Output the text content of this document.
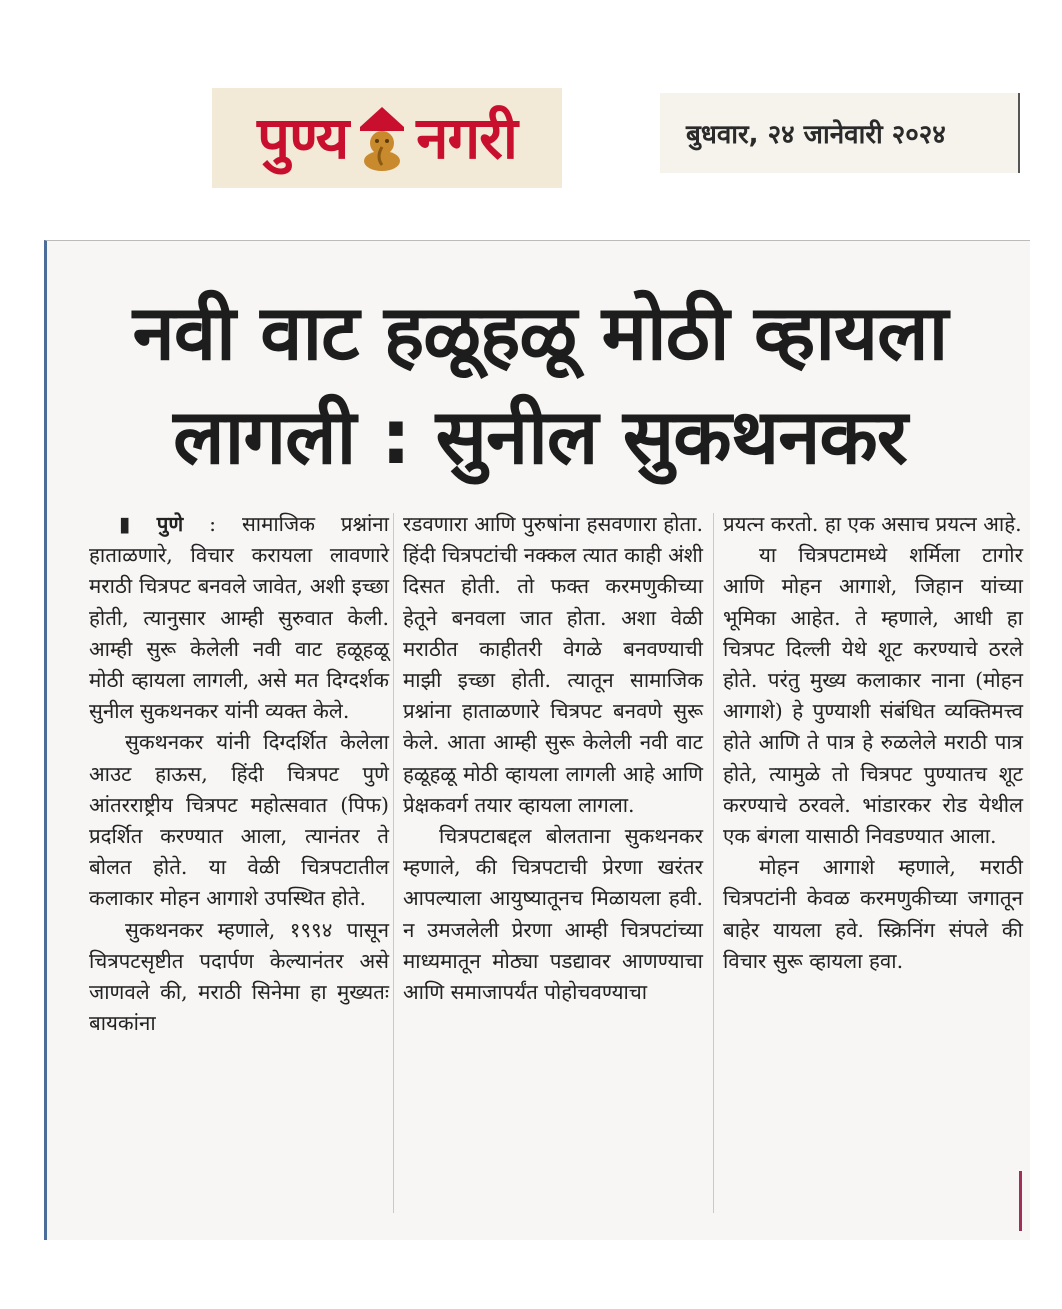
पुण्य नगरी	बुधवार, २४ जानेवारी २०२४
नवी वाट हळूहळू मोठी व्हायला
लागली : सुनील सुकथनकर

▮ पुणे : सामाजिक प्रश्नांना हाताळणारे, विचार करायला लावणारे मराठी चित्रपट बनवले जावेत, अशी इच्छा होती, त्यानुसार आम्ही सुरुवात केली. आम्ही सुरू केलेली नवी वाट हळूहळू मोठी व्हायला लागली, असे मत दिग्दर्शक सुनील सुकथनकर यांनी व्यक्त केले.

सुकथनकर यांनी दिग्दर्शित केलेला आउट हाऊस, हिंदी चित्रपट पुणे आंतरराष्ट्रीय चित्रपट महोत्सवात (पिफ) प्रदर्शित करण्यात आला, त्यानंतर ते बोलत होते. या वेळी चित्रपटातील कलाकार मोहन आगाशे उपस्थित होते.

सुकथनकर म्हणाले, १९९४ पासून चित्रपटसृष्टीत पदार्पण केल्यानंतर असे जाणवले की, मराठी सिनेमा हा मुख्यतः बायकांना

रडवणारा आणि पुरुषांना हसवणारा होता. हिंदी चित्रपटांची नक्कल त्यात काही अंशी दिसत होती. तो फक्त करमणुकीच्या हेतूने बनवला जात होता. अशा वेळी मराठीत काहीतरी वेगळे बनवण्याची माझी इच्छा होती. त्यातून सामाजिक प्रश्नांना हाताळणारे चित्रपट बनवणे सुरू केले. आता आम्ही सुरू केलेली नवी वाट हळूहळू मोठी व्हायला लागली आहे आणि प्रेक्षकवर्ग तयार व्हायला लागला.

चित्रपटाबद्दल बोलताना सुकथनकर म्हणाले, की चित्रपटाची प्रेरणा खरंतर आपल्याला आयुष्यातूनच मिळायला हवी. न उमजलेली प्रेरणा आम्ही चित्रपटांच्या माध्यमातून मोठ्या पडद्यावर आणण्याचा आणि समाजापर्यंत पोहोचवण्याचा

प्रयत्न करतो. हा एक असाच प्रयत्न आहे.

या चित्रपटामध्ये शर्मिला टागोर आणि मोहन आगाशे, जिहान यांच्या भूमिका आहेत. ते म्हणाले, आधी हा चित्रपट दिल्ली येथे शूट करण्याचे ठरले होते. परंतु मुख्य कलाकार नाना (मोहन आगाशे) हे पुण्याशी संबंधित व्यक्तिमत्त्व होते आणि ते पात्र हे रुळलेले मराठी पात्र होते, त्यामुळे तो चित्रपट पुण्यातच शूट करण्याचे ठरवले. भांडारकर रोड येथील एक बंगला यासाठी निवडण्यात आला.

मोहन आगाशे म्हणाले, मराठी चित्रपटांनी केवळ करमणुकीच्या जगातून बाहेर यायला हवे. स्क्रिनिंग संपले की विचार सुरू व्हायला हवा.
